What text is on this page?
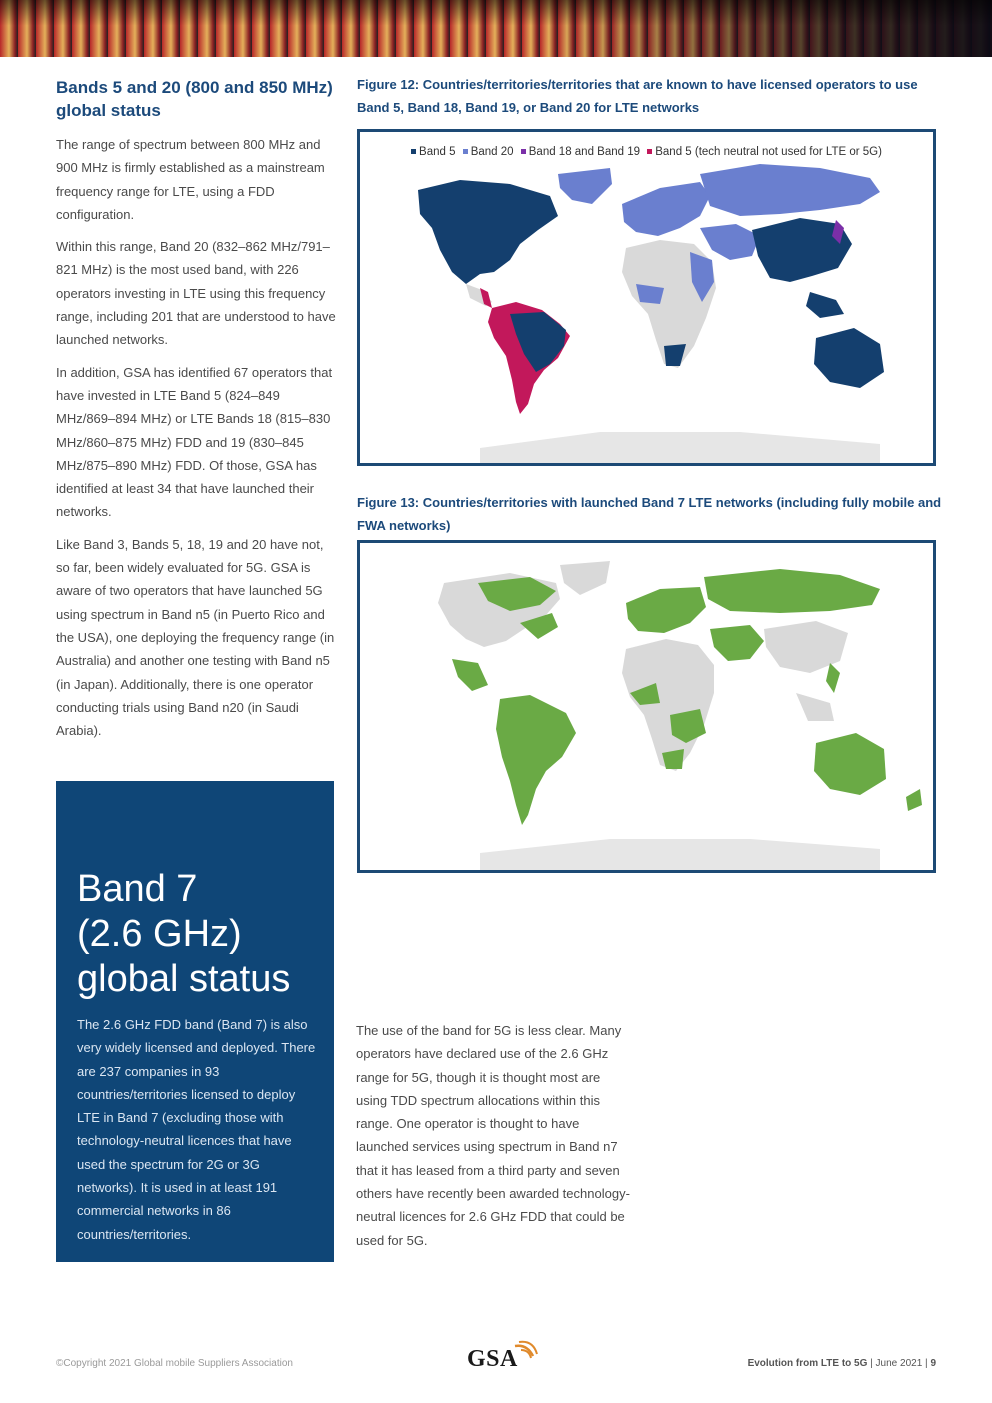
Bands 5 and 20 (800 and 850 MHz) global status

The range of spectrum between 800 MHz and 900 MHz is firmly established as a mainstream frequency range for LTE, using a FDD configuration.

Within this range, Band 20 (832–862 MHz/791–821 MHz) is the most used band, with 226 operators investing in LTE using this frequency range, including 201 that are understood to have launched networks.

In addition, GSA has identified 67 operators that have invested in LTE Band 5 (824–849 MHz/869–894 MHz) or LTE Bands 18 (815–830 MHz/860–875 MHz) FDD and 19 (830–845 MHz/875–890 MHz) FDD. Of those, GSA has identified at least 34 that have launched their networks.

Like Band 3, Bands 5, 18, 19 and 20 have not, so far, been widely evaluated for 5G. GSA is aware of two operators that have launched 5G using spectrum in Band n5 (in Puerto Rico and the USA), one deploying the frequency range (in Australia) and another one testing with Band n5 (in Japan). Additionally, there is one operator conducting trials using Band n20 (in Saudi Arabia).

Figure 12: Countries/territories/territories that are known to have licensed operators to use Band 5, Band 18, Band 19, or Band 20 for LTE networks
Band 5 Band 20 Band 18 and Band 19 Band 5 (tech neutral not used for LTE or 5G)
Figure 13: Countries/territories with launched Band 7 LTE networks (including fully mobile and FWA networks)
Band 7
(2.6 GHz)
global status

The 2.6 GHz FDD band (Band 7) is also very widely licensed and deployed. There are 237 companies in 93 countries/territories licensed to deploy LTE in Band 7 (excluding those with technology-neutral licences that have used the spectrum for 2G or 3G networks). It is used in at least 191 commercial networks in 86 countries/territories.

The use of the band for 5G is less clear. Many operators have declared use of the 2.6 GHz range for 5G, though it is thought most are using TDD spectrum allocations within this range. One operator is thought to have launched services using spectrum in Band n7 that it has leased from a third party and seven others have recently been awarded technology-neutral licences for 2.6 GHz FDD that could be used for 5G.

©Copyright 2021 Global mobile Suppliers Association	GSA	Evolution from LTE to 5G | June 2021 | 9
